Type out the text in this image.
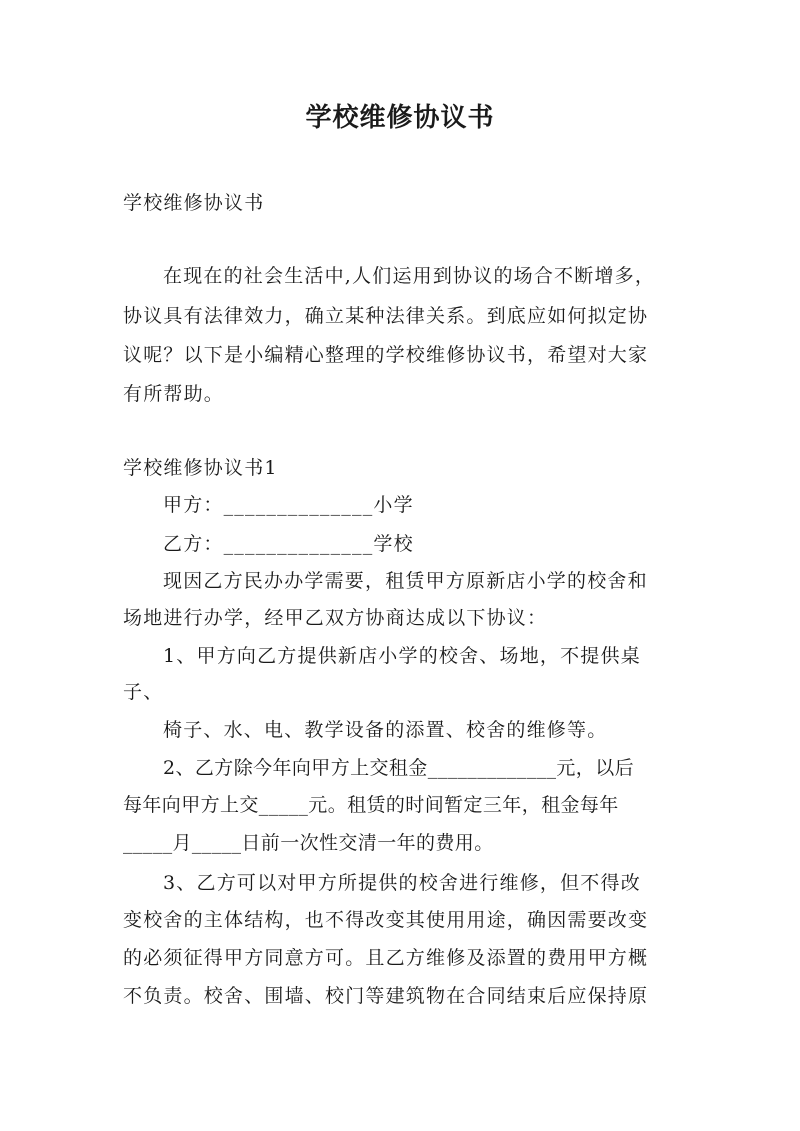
学校维修协议书
学校维修协议书
在现在的社会生活中,人们运用到协议的场合不断增多，
协议具有法律效力，确立某种法律关系。到底应如何拟定协
议呢？以下是小编精心整理的学校维修协议书，希望对大家
有所帮助。
学校维修协议书1
甲方：______________小学
乙方：______________学校
现因乙方民办办学需要，租赁甲方原新店小学的校舍和
场地进行办学，经甲乙双方协商达成以下协议：
1、甲方向乙方提供新店小学的校舍、场地，不提供桌
子、
椅子、水、电、教学设备的添置、校舍的维修等。
2、乙方除今年向甲方上交租金_____________元，以后
每年向甲方上交_____元。租赁的时间暂定三年，租金每年
_____月_____日前一次性交清一年的费用。
3、乙方可以对甲方所提供的校舍进行维修，但不得改
变校舍的主体结构，也不得改变其使用用途，确因需要改变
的必须征得甲方同意方可。且乙方维修及添置的费用甲方概
不负责。校舍、围墙、校门等建筑物在合同结束后应保持原
